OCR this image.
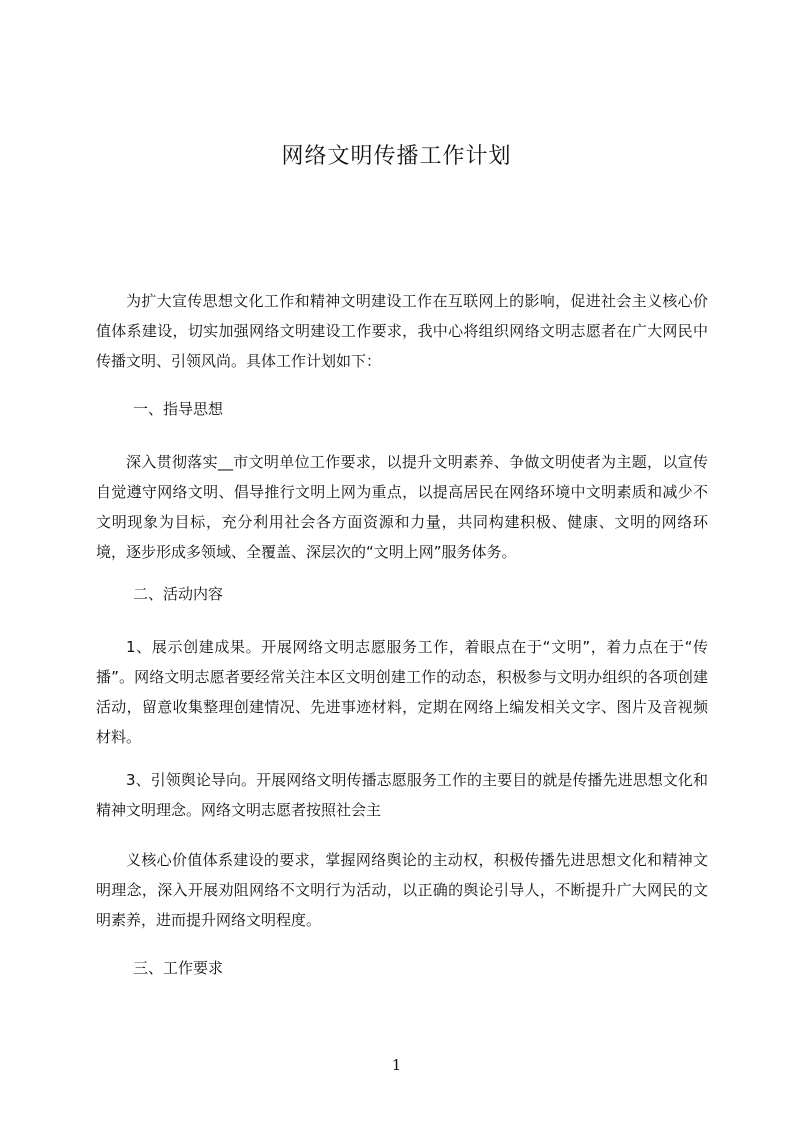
网络文明传播工作计划

为扩大宣传思想文化工作和精神文明建设工作在互联网上的影响，促进社会主义核心价值体系建设，切实加强网络文明建设工作要求，我中心将组织网络文明志愿者在广大网民中传播文明、引领风尚。具体工作计划如下：

一、指导思想

深入贯彻落实__市文明单位工作要求，以提升文明素养、争做文明使者为主题，以宣传自觉遵守网络文明、倡导推行文明上网为重点，以提高居民在网络环境中文明素质和减少不文明现象为目标，充分利用社会各方面资源和力量，共同构建积极、健康、文明的网络环境，逐步形成多领域、全覆盖、深层次的“文明上网”服务体务。

二、活动内容

1、展示创建成果。开展网络文明志愿服务工作，着眼点在于“文明”，着力点在于“传播”。网络文明志愿者要经常关注本区文明创建工作的动态，积极参与文明办组织的各项创建活动，留意收集整理创建情况、先进事迹材料，定期在网络上编发相关文字、图片及音视频材料。

3、引领舆论导向。开展网络文明传播志愿服务工作的主要目的就是传播先进思想文化和精神文明理念。网络文明志愿者按照社会主

义核心价值体系建设的要求，掌握网络舆论的主动权，积极传播先进思想文化和精神文明理念，深入开展劝阻网络不文明行为活动，以正确的舆论引导人，不断提升广大网民的文明素养，进而提升网络文明程度。

三、工作要求

1
